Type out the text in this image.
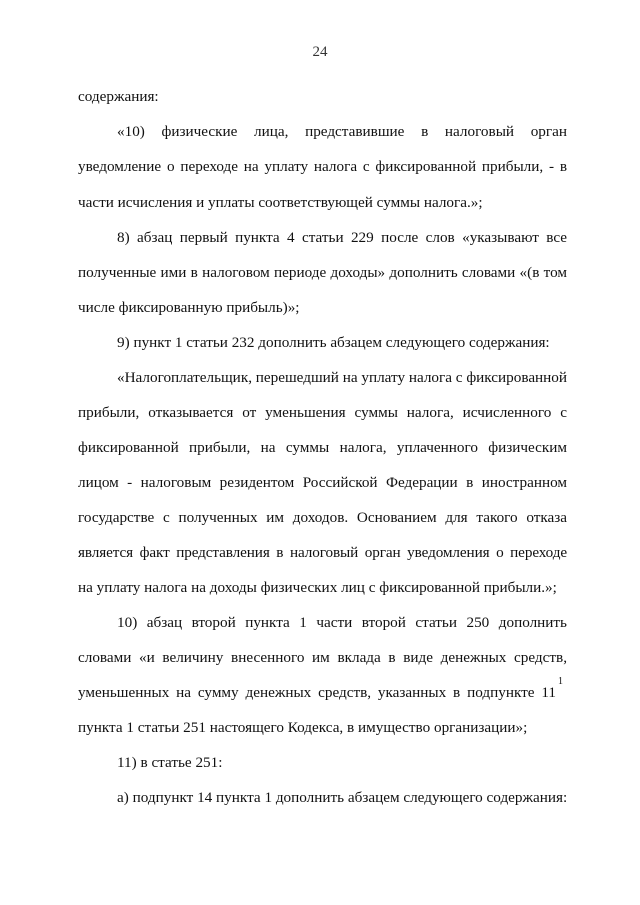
24
содержания:
«10) физические лица, представившие в налоговый орган
уведомление о переходе на уплату налога с фиксированной прибыли, - в
части исчисления и уплаты соответствующей суммы налога.»;
8) абзац первый пункта 4 статьи 229 после слов «указывают все
полученные ими в налоговом периоде доходы» дополнить словами «(в том
числе фиксированную прибыль)»;
9) пункт 1 статьи 232 дополнить абзацем следующего содержания:
«Налогоплательщик, перешедший на уплату налога с фиксированной
прибыли, отказывается от уменьшения суммы налога, исчисленного с
фиксированной прибыли, на суммы налога, уплаченного физическим
лицом - налоговым резидентом Российской Федерации в иностранном
государстве с полученных им доходов. Основанием для такого отказа
является факт представления в налоговый орган уведомления о переходе
на уплату налога на доходы физических лиц с фиксированной прибыли.»;
10) абзац второй пункта 1 части второй статьи 250 дополнить
словами «и величину внесенного им вклада в виде денежных средств,
уменьшенных на сумму денежных средств, указанных в подпункте 11
1
пункта 1 статьи 251 настоящего Кодекса, в имущество организации»;
11) в статье 251:
а) подпункт 14 пункта 1 дополнить абзацем следующего содержания:
